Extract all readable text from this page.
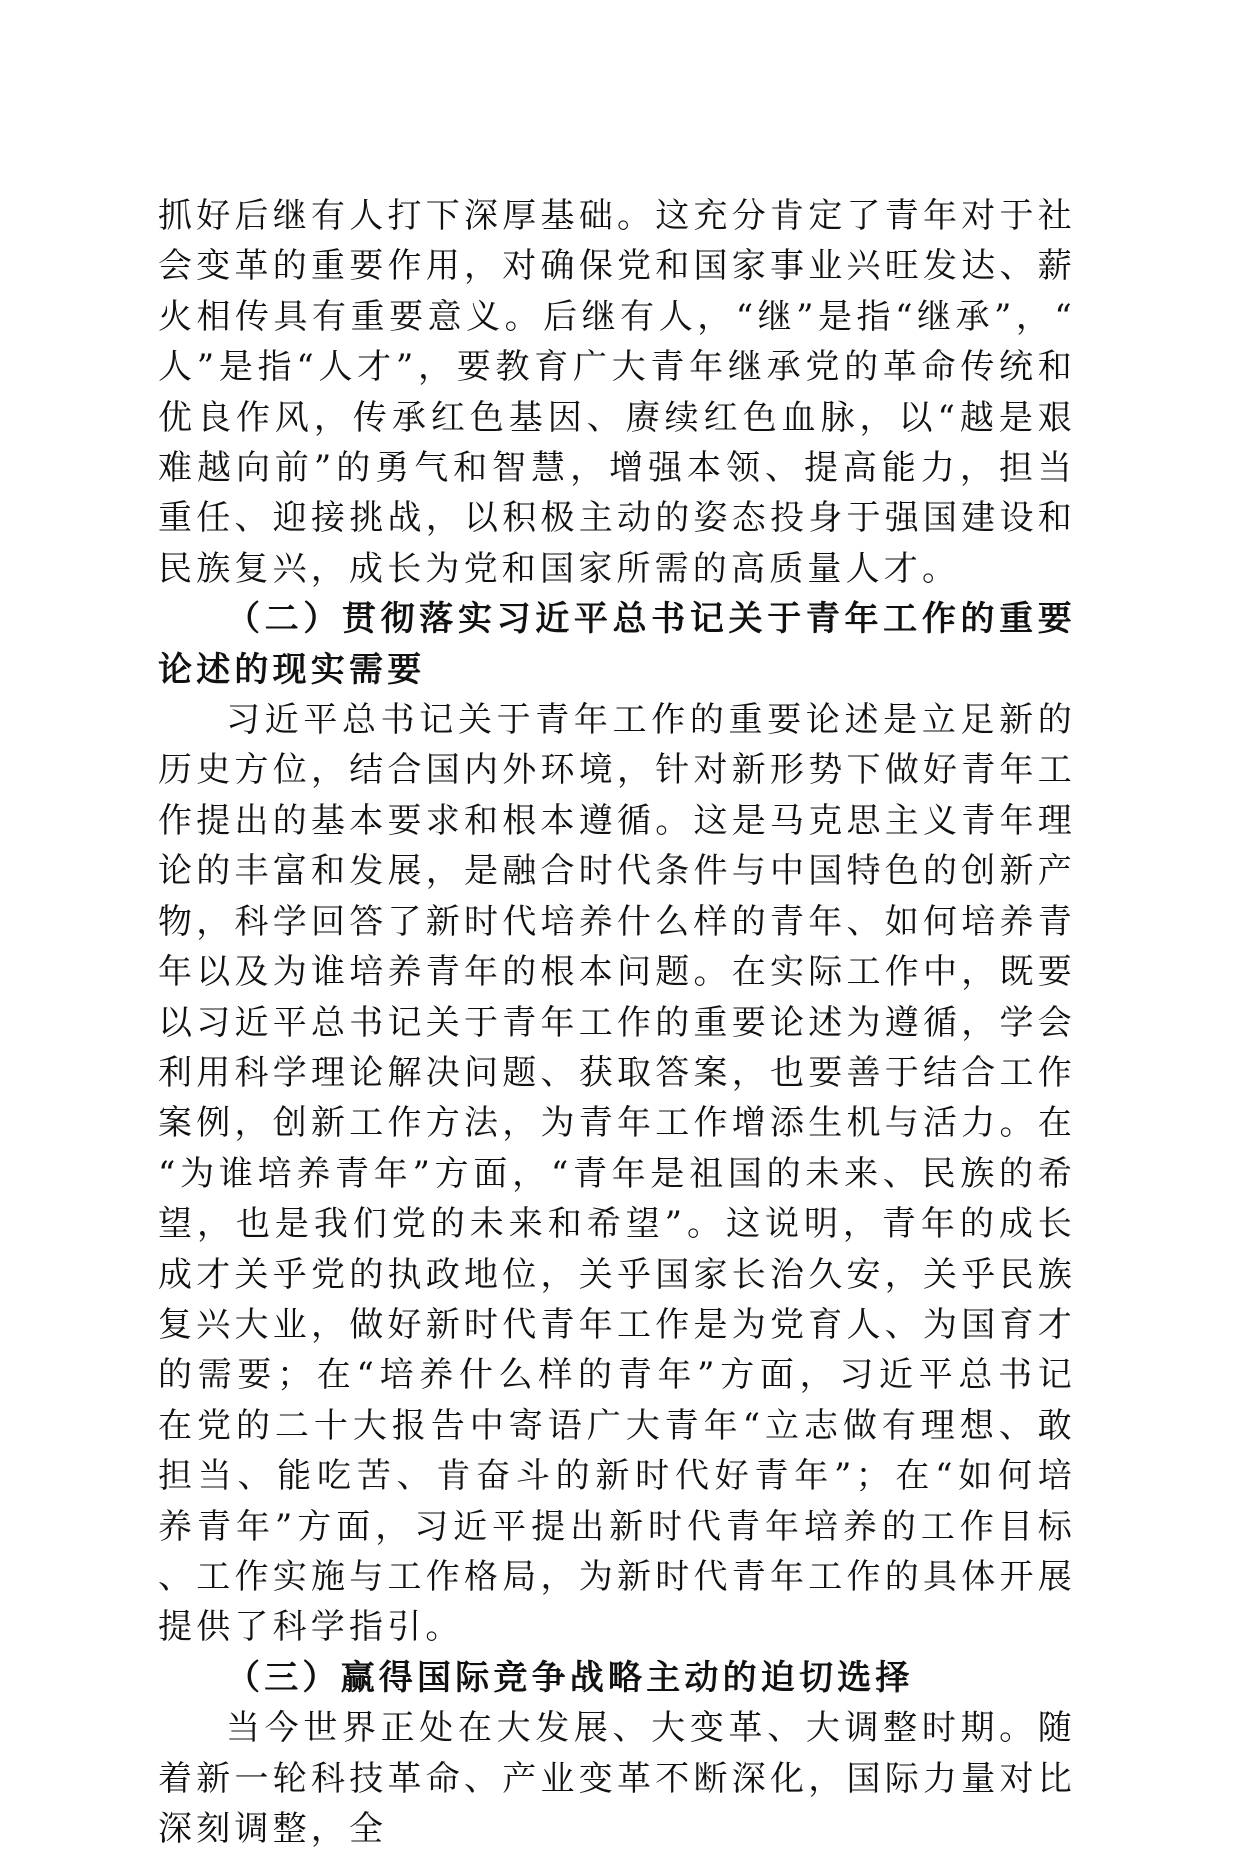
抓好后继有人打下深厚基础。这充分肯定了青年对于社会变革的重要作用，对确保党和国家事业兴旺发达、薪火相传具有重要意义。后继有人，“继”是指“继承”，“人”是指“人才”，要教育广大青年继承党的革命传统和优良作风，传承红色基因、赓续红色血脉，以“越是艰难越向前”的勇气和智慧，增强本领、提高能力，担当重任、迎接挑战，以积极主动的姿态投身于强国建设和民族复兴，成长为党和国家所需的高质量人才。

（二）贯彻落实习近平总书记关于青年工作的重要论述的现实需要

习近平总书记关于青年工作的重要论述是立足新的历史方位，结合国内外环境，针对新形势下做好青年工作提出的基本要求和根本遵循。这是马克思主义青年理论的丰富和发展，是融合时代条件与中国特色的创新产物，科学回答了新时代培养什么样的青年、如何培养青年以及为谁培养青年的根本问题。在实际工作中，既要以习近平总书记关于青年工作的重要论述为遵循，学会利用科学理论解决问题、获取答案，也要善于结合工作案例，创新工作方法，为青年工作增添生机与活力。在“为谁培养青年”方面，“青年是祖国的未来、民族的希望，也是我们党的未来和希望”。这说明，青年的成长成才关乎党的执政地位，关乎国家长治久安，关乎民族复兴大业，做好新时代青年工作是为党育人、为国育才的需要；在“培养什么样的青年”方面，习近平总书记在党的二十大报告中寄语广大青年“立志做有理想、敢担当、能吃苦、肯奋斗的新时代好青年”；在“如何培养青年”方面，习近平提出新时代青年培养的工作目标、工作实施与工作格局，为新时代青年工作的具体开展提供了科学指引。

（三）赢得国际竞争战略主动的迫切选择

当今世界正处在大发展、大变革、大调整时期。随着新一轮科技革命、产业变革不断深化，国际力量对比深刻调整，全
